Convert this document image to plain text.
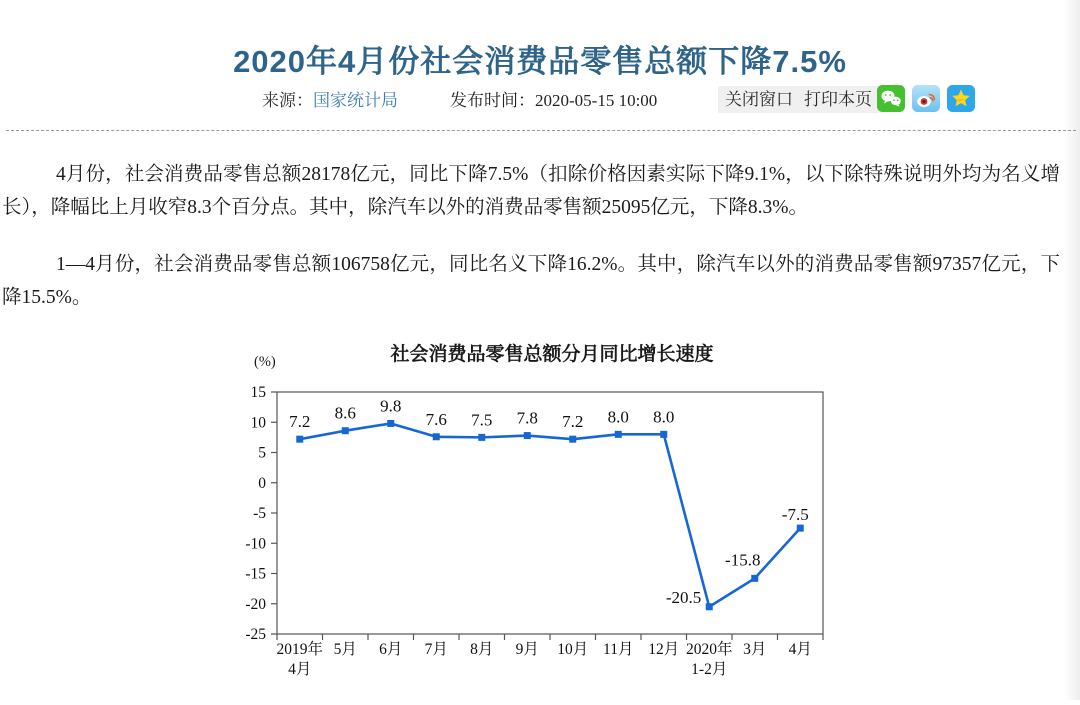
2020年4月份社会消费品零售总额下降7.5%
来源：国家统计局	发布时间：2020-05-15 10:00	关闭窗口 打印本页

4月份，社会消费品零售总额28178亿元，同比下降7.5%（扣除价格因素实际下降9.1%，以下除特殊说明外均为名义增长），降幅比上月收窄8.3个百分点。其中，除汽车以外的消费品零售额25095亿元，下降8.3%。

1—4月份，社会消费品零售总额106758亿元，同比名义下降16.2%。其中，除汽车以外的消费品零售额97357亿元，下降15.5%。

社会消费品零售总额分月同比增长速度
(%)
15
10
5
0
-5
-10
-15
-20
-25
2019年
4月
5月 6月 7月 8月 9月 10月 11月 12月 2020年
1-2月
3月 4月
7.2 8.6 9.8
7.6 7.5 7.8 7.2 8.0 8.0
-20.5
-15.8
-7.5
